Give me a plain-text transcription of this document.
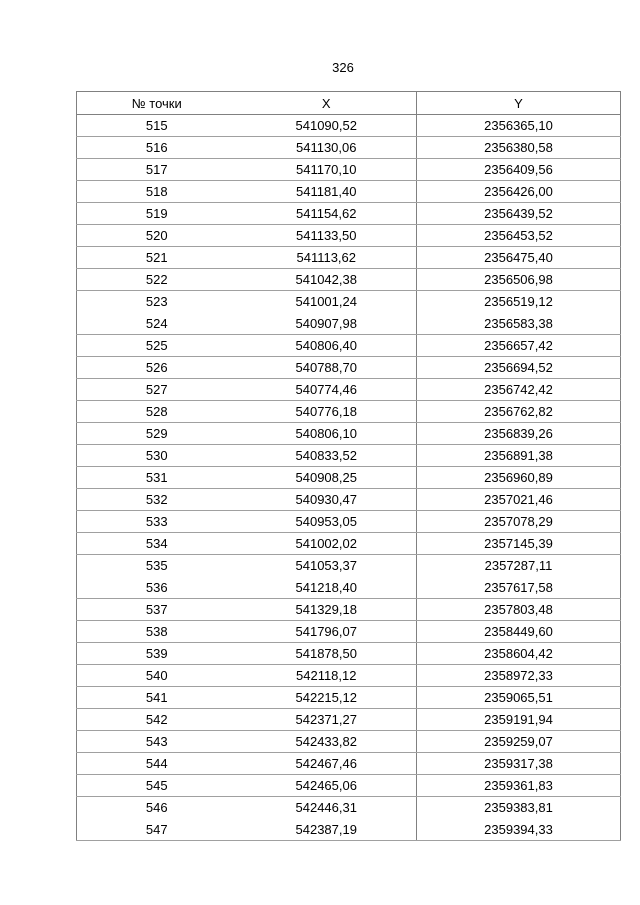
326
№ точки	X	Y
515	541090,52	2356365,10
516	541130,06	2356380,58
517	541170,10	2356409,56
518	541181,40	2356426,00
519	541154,62	2356439,52
520	541133,50	2356453,52
521	541113,62	2356475,40
522	541042,38	2356506,98
523	541001,24	2356519,12
524	540907,98	2356583,38
525	540806,40	2356657,42
526	540788,70	2356694,52
527	540774,46	2356742,42
528	540776,18	2356762,82
529	540806,10	2356839,26
530	540833,52	2356891,38
531	540908,25	2356960,89
532	540930,47	2357021,46
533	540953,05	2357078,29
534	541002,02	2357145,39
535	541053,37	2357287,11
536	541218,40	2357617,58
537	541329,18	2357803,48
538	541796,07	2358449,60
539	541878,50	2358604,42
540	542118,12	2358972,33
541	542215,12	2359065,51
542	542371,27	2359191,94
543	542433,82	2359259,07
544	542467,46	2359317,38
545	542465,06	2359361,83
546	542446,31	2359383,81
547	542387,19	2359394,33
